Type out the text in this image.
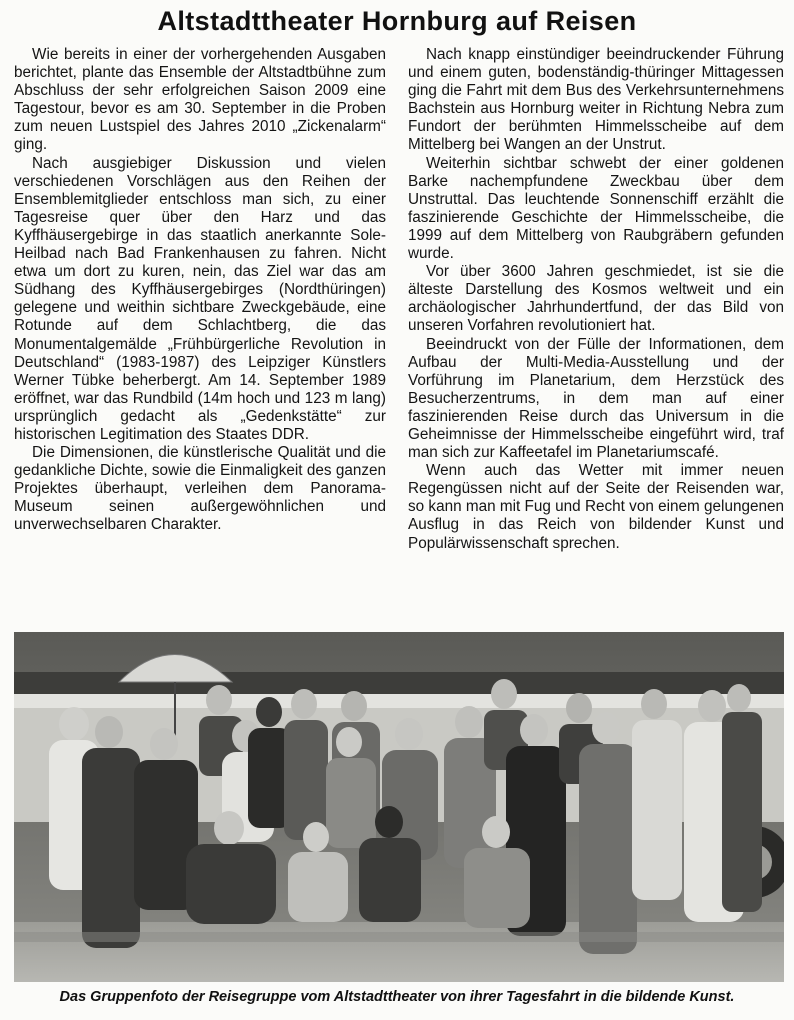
Altstadttheater Hornburg auf Reisen

Wie bereits in einer der vorhergehenden Ausgaben berichtet, plante das Ensemble der Altstadtbühne zum Abschluss der sehr erfolgreichen Saison 2009 eine Tagestour, bevor es am 30. September in die Proben zum neuen Lustspiel des Jahres 2010 „Zickenalarm“ ging.

Nach ausgiebiger Diskussion und vielen verschiedenen Vorschlägen aus den Reihen der Ensemblemitglieder entschloss man sich, zu einer Tagesreise quer über den Harz und das Kyffhäusergebirge in das staatlich anerkannte Sole-Heilbad nach Bad Frankenhausen zu fahren. Nicht etwa um dort zu kuren, nein, das Ziel war das am Südhang des Kyffhäusergebirges (Nordthüringen) gelegene und weithin sichtbare Zweckgebäude, eine Rotunde auf dem Schlachtberg, die das Monumentalgemälde „Frühbürgerliche Revolution in Deutschland“ (1983-1987) des Leipziger Künstlers Werner Tübke beherbergt. Am 14. September 1989 eröffnet, war das Rundbild (14m hoch und 123 m lang) ursprünglich gedacht als „Gedenkstätte“ zur historischen Legitimation des Staates DDR.

Die Dimensionen, die künstlerische Qualität und die gedankliche Dichte, sowie die Einmaligkeit des ganzen Projektes überhaupt, verleihen dem Panorama-Museum seinen außergewöhnlichen und unverwechselbaren Charakter.

Nach knapp einstündiger beeindruckender Führung und einem guten, bodenständig-thüringer Mittagessen ging die Fahrt mit dem Bus des Verkehrsunternehmens Bachstein aus Hornburg weiter in Richtung Nebra zum Fundort der berühmten Himmelsscheibe auf dem Mittelberg bei Wangen an der Unstrut.

Weiterhin sichtbar schwebt der einer goldenen Barke nachempfundene Zweckbau über dem Unstruttal. Das leuchtende Sonnenschiff erzählt die faszinierende Geschichte der Himmelsscheibe, die 1999 auf dem Mittelberg von Raubgräbern gefunden wurde.

Vor über 3600 Jahren geschmiedet, ist sie die älteste Darstellung des Kosmos weltweit und ein archäologischer Jahrhundertfund, der das Bild von unseren Vorfahren revolutioniert hat.

Beeindruckt von der Fülle der Informationen, dem Aufbau der Multi-Media-Ausstellung und der Vorführung im Planetarium, dem Herzstück des Besucherzentrums, in dem man auf einer faszinierenden Reise durch das Universum in die Geheimnisse der Himmelsscheibe eingeführt wird, traf man sich zur Kaffeetafel im Planetariumscafé.

Wenn auch das Wetter mit immer neuen Regengüssen nicht auf der Seite der Reisenden war, so kann man mit Fug und Recht von einem gelungenen Ausflug in das Reich von bildender Kunst und Populärwissenschaft sprechen.

Das Gruppenfoto der Reisegruppe vom Altstadttheater von ihrer Tagesfahrt in die bildende Kunst.
